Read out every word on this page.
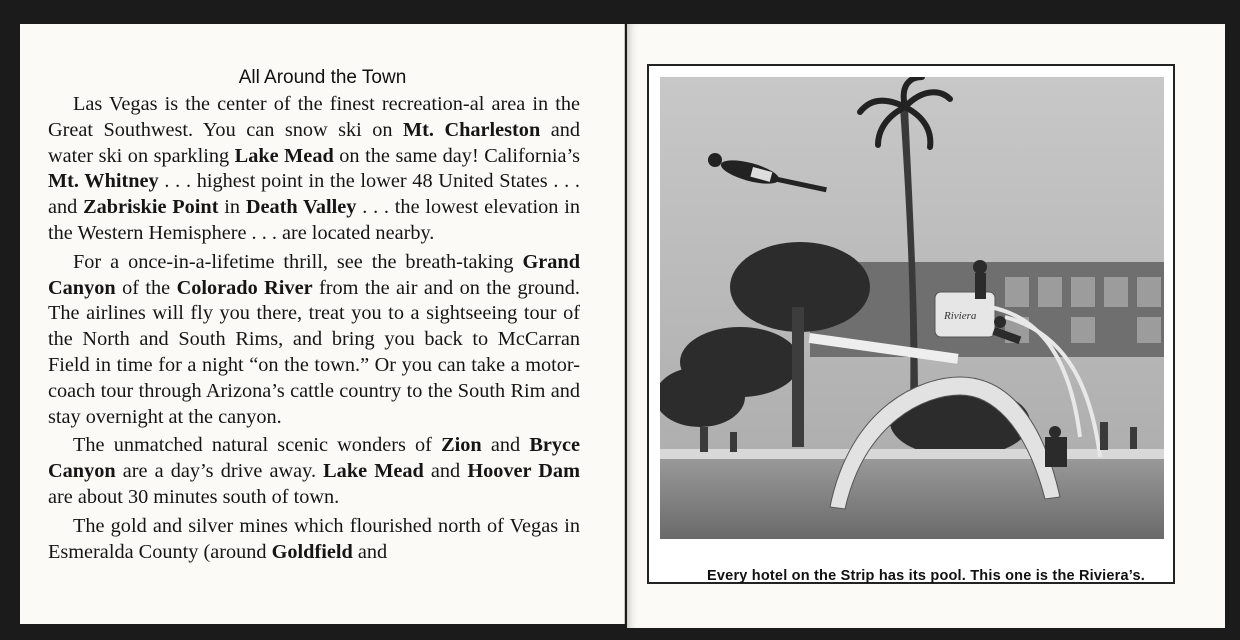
All Around the Town

Las Vegas is the center of the finest recreation-al area in the Great Southwest. You can snow ski on Mt. Charleston and water ski on sparkling Lake Mead on the same day! California’s Mt. Whitney . . . highest point in the lower 48 United States . . . and Zabriskie Point in Death Valley . . . the lowest elevation in the Western Hemisphere . . . are located nearby.

For a once-in-a-lifetime thrill, see the breath-taking Grand Canyon of the Colorado River from the air and on the ground. The airlines will fly you there, treat you to a sightseeing tour of the North and South Rims, and bring you back to McCarran Field in time for a night “on the town.” Or you can take a motor-coach tour through Arizona’s cattle country to the South Rim and stay overnight at the canyon.

The unmatched natural scenic wonders of Zion and Bryce Canyon are a day’s drive away. Lake Mead and Hoover Dam are about 30 minutes south of town.

The gold and silver mines which flourished north of Vegas in Esmeralda County (around Goldfield and

Riviera
Every hotel on the Strip has its pool. This one is the Riviera’s.
